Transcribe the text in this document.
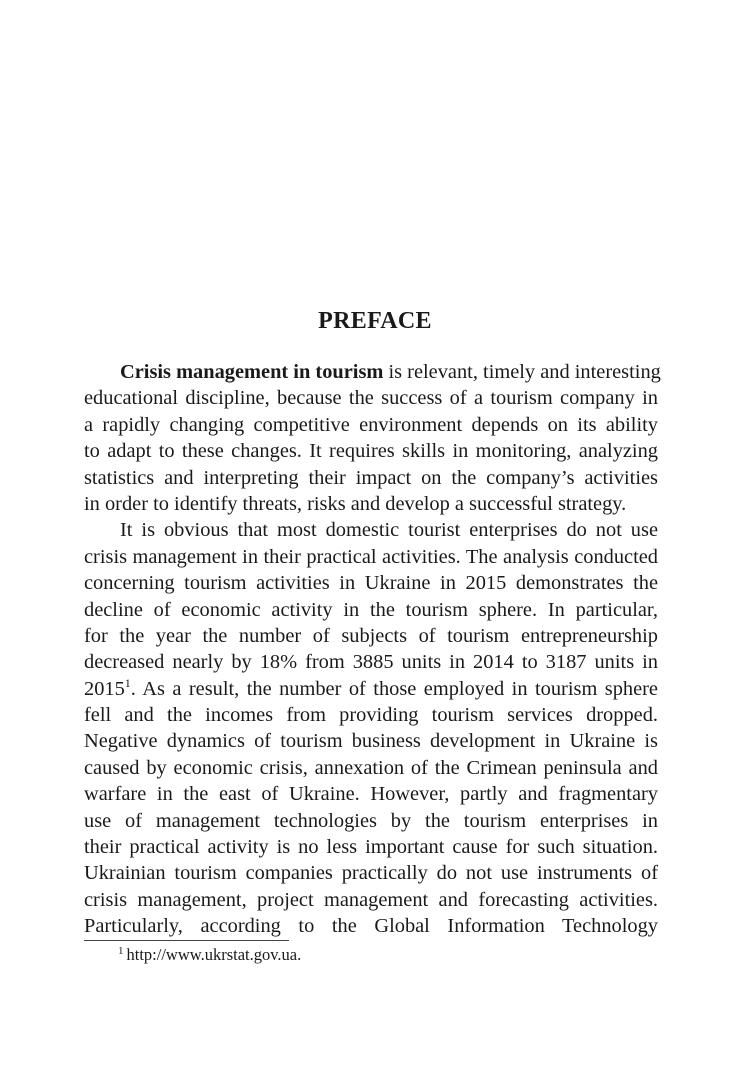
PREFACE
Crisis management in tourism is relevant, timely and interesting
educational discipline, because the success of a tourism company in
a rapidly changing competitive environment depends on its ability
to adapt to these changes. It requires skills in monitoring, analyzing
statistics and interpreting their impact on the company’s activities
in order to identify threats, risks and develop a successful strategy.
It is obvious that most domestic tourist enterprises do not use
crisis management in their practical activities. The analysis conducted
concerning tourism activities in Ukraine in 2015 demonstrates the
decline of economic activity in the tourism sphere. In particular,
for the year the number of subjects of tourism entrepreneurship
decreased nearly by 18% from 3885 units in 2014 to 3187 units in
2015$^1$. As a result, the number of those employed in tourism sphere
fell and the incomes from providing tourism services dropped.
Negative dynamics of tourism business development in Ukraine is
caused by economic crisis, annexation of the Crimean peninsula and
warfare in the east of Ukraine. However, partly and fragmentary
use of management technologies by the tourism enterprises in
their practical activity is no less important cause for such situation.
Ukrainian tourism companies practically do not use instruments of
crisis management, project management and forecasting activities.
Particularly, according to the Global Information Technology

$^1$ http://www.ukrstat.gov.ua.
